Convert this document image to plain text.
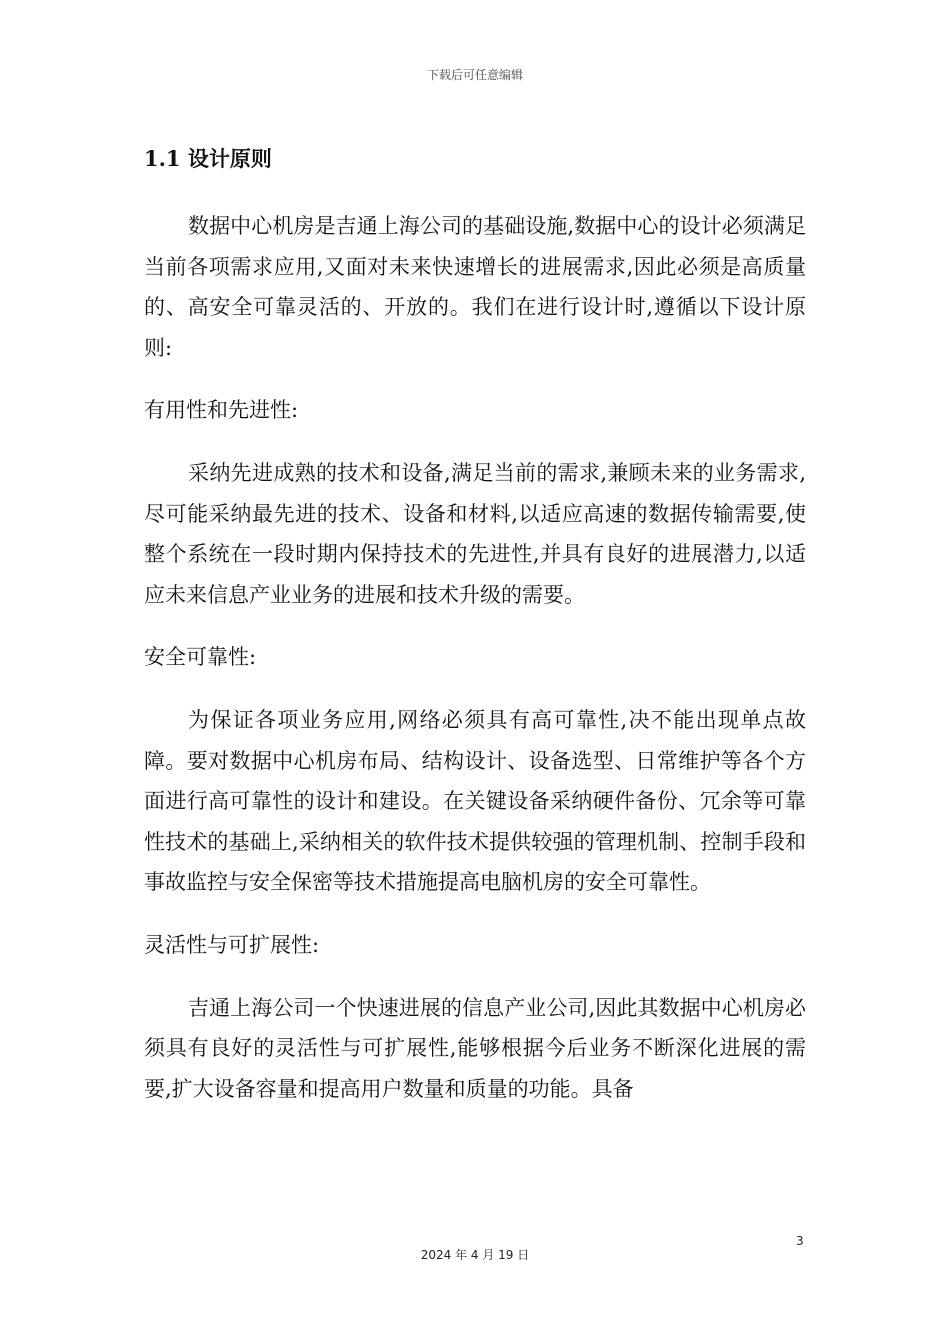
下载后可任意编辑
1.1 设计原则

数据中心机房是吉通上海公司的基础设施,数据中心的设计必须满足当前各项需求应用,又面对未来快速增长的进展需求,因此必须是高质量的、高安全可靠灵活的、开放的。我们在进行设计时,遵循以下设计原则:

有用性和先进性:

采纳先进成熟的技术和设备,满足当前的需求,兼顾未来的业务需求,尽可能采纳最先进的技术、设备和材料,以适应高速的数据传输需要,使整个系统在一段时期内保持技术的先进性,并具有良好的进展潜力,以适应未来信息产业业务的进展和技术升级的需要。

安全可靠性:

为保证各项业务应用,网络必须具有高可靠性,决不能出现单点故障。要对数据中心机房布局、结构设计、设备选型、日常维护等各个方面进行高可靠性的设计和建设。在关键设备采纳硬件备份、冗余等可靠性技术的基础上,采纳相关的软件技术提供较强的管理机制、控制手段和事故监控与安全保密等技术措施提高电脑机房的安全可靠性。

灵活性与可扩展性:

吉通上海公司一个快速进展的信息产业公司,因此其数据中心机房必须具有良好的灵活性与可扩展性,能够根据今后业务不断深化进展的需要,扩大设备容量和提高用户数量和质量的功能。具备

3
2024 年 4 月 19 日
